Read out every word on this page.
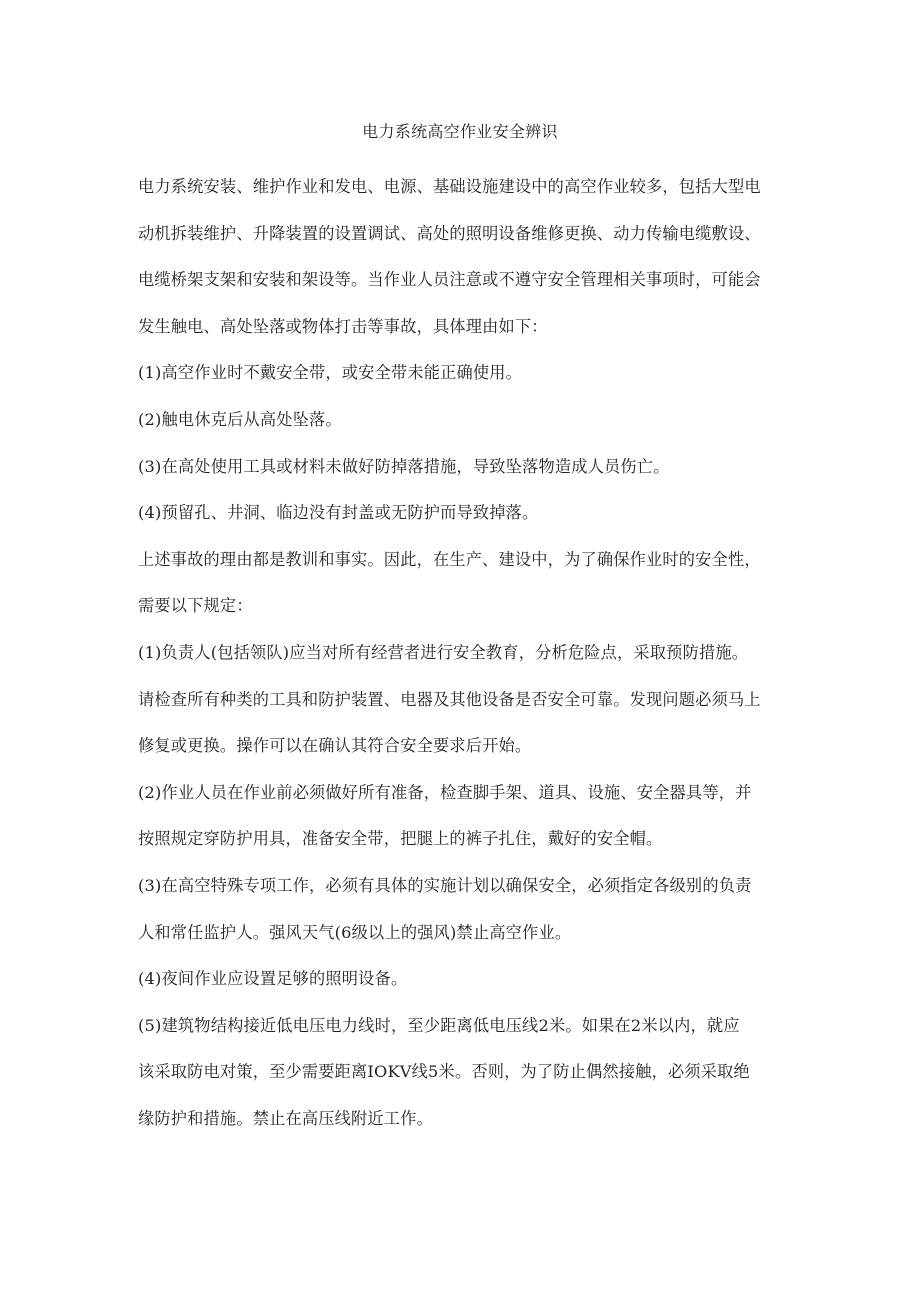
电力系统高空作业安全辨识
电力系统安装、维护作业和发电、电源、基础设施建设中的高空作业较多，包括大型电
动机拆装维护、升降装置的设置调试、高处的照明设备维修更换、动力传输电缆敷设、
电缆桥架支架和安装和架设等。当作业人员注意或不遵守安全管理相关事项时，可能会
发生触电、高处坠落或物体打击等事故，具体理由如下：
(1)高空作业时不戴安全带，或安全带未能正确使用。
(2)触电休克后从高处坠落。
(3)在高处使用工具或材料未做好防掉落措施，导致坠落物造成人员伤亡。
(4)预留孔、井洞、临边没有封盖或无防护而导致掉落。
上述事故的理由都是教训和事实。因此，在生产、建设中，为了确保作业时的安全性，
需要以下规定：
(1)负责人(包括领队)应当对所有经营者进行安全教育，分析危险点，采取预防措施。
请检查所有种类的工具和防护装置、电器及其他设备是否安全可靠。发现问题必须马上
修复或更换。操作可以在确认其符合安全要求后开始。
(2)作业人员在作业前必须做好所有准备，检查脚手架、道具、设施、安全器具等，并
按照规定穿防护用具，准备安全带，把腿上的裤子扎住，戴好的安全帽。
(3)在高空特殊专项工作，必须有具体的实施计划以确保安全，必须指定各级别的负责
人和常任监护人。强风天气(6级以上的强风)禁止高空作业。
(4)夜间作业应设置足够的照明设备。
(5)建筑物结构接近低电压电力线时，至少距离低电压线2米。如果在2米以内，就应
该采取防电对策，至少需要距离IOKV线5米。否则，为了防止偶然接触，必须采取绝
缘防护和措施。禁止在高压线附近工作。
